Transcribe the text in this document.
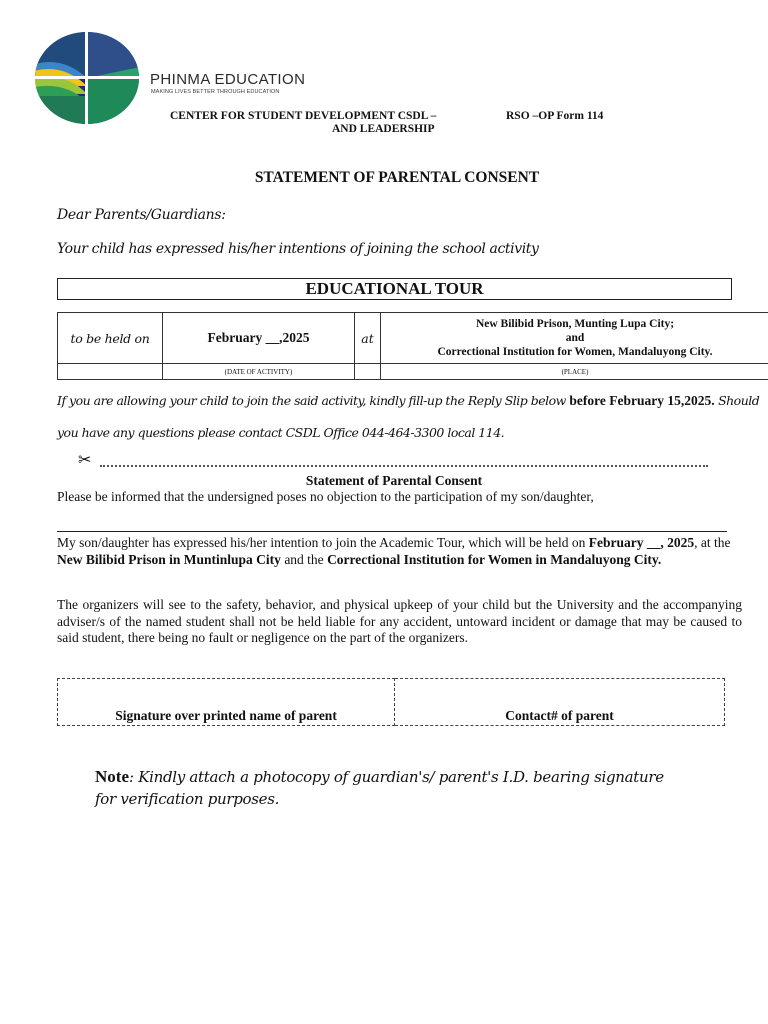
PHINMA EDUCATION
MAKING LIVES BETTER THROUGH EDUCATION
CENTER FOR STUDENT DEVELOPMENT CSDL –
AND LEADERSHIP
RSO –OP Form 114
STATEMENT OF PARENTAL CONSENT
Dear Parents/Guardians:
Your child has expressed his/her intentions of joining the school activity
EDUCATIONAL TOUR
to be held on	February __,2025	at	New Bilibid Prison, Munting Lupa City;
and
Correctional Institution for Women, Mandaluyong City.
	(DATE OF ACTIVITY)		(PLACE)
If you are allowing your child to join the said activity, kindly fill-up the Reply Slip below before February 15,2025. Should
you have any questions please contact CSDL Office 044-464-3300 local 114.
✂
Statement of Parental Consent
Please be informed that the undersigned poses no objection to the participation of my son/daughter,
My son/daughter has expressed his/her intention to join the Academic Tour, which will be held on February __, 2025, at the New Bilibid Prison in Muntinlupa City and the Correctional Institution for Women in Mandaluyong City.
The organizers will see to the safety, behavior, and physical upkeep of your child but the University and the accompanying adviser/s of the named student shall not be held liable for any accident, untoward incident or damage that may be caused to said student, there being no fault or negligence on the part of the organizers.
Signature over printed name of parent	Contact# of parent
Note: Kindly attach a photocopy of guardian's/ parent's I.D. bearing signature for verification purposes.
